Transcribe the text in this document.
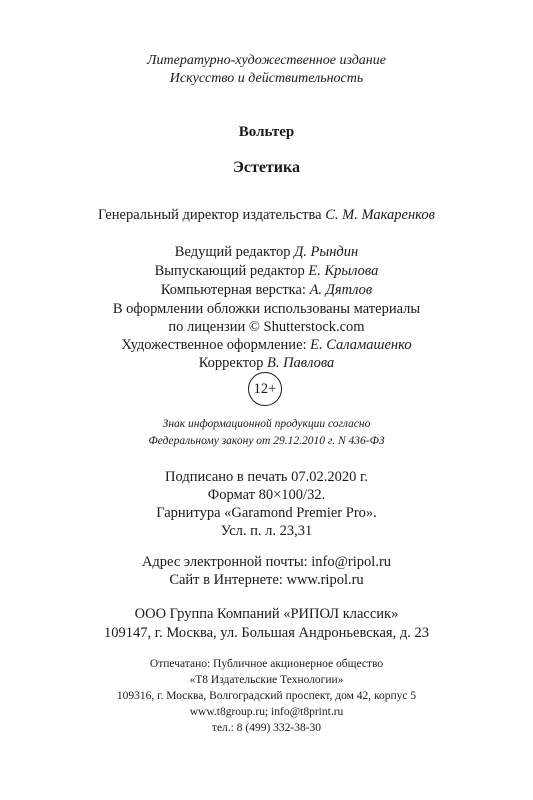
Литературно-художественное издание
Искусство и действительность
Вольтер
Эстетика
Генеральный директор издательства С. М. Макаренков
Ведущий редактор Д. Рындин
Выпускающий редактор Е. Крылова
Компьютерная верстка: А. Дятлов
В оформлении обложки использованы материалы
по лицензии © Shutterstock.com
Художественное оформление: Е. Саламашенко
Корректор В. Павлова
12+
Знак информационной продукции согласно
Федеральному закону от 29.12.2010 г. N 436-ФЗ
Подписано в печать 07.02.2020 г.
Формат 80×100/32.
Гарнитура «Garamond Premier Pro».
Усл. п. л. 23,31
Адрес электронной почты: info@ripol.ru
Сайт в Интернете: www.ripol.ru
ООО Группа Компаний «РИПОЛ классик»
109147, г. Москва, ул. Большая Андроньевская, д. 23
Отпечатано: Публичное акционерное общество
«Т8 Издательские Технологии»
109316, г. Москва, Волгоградский проспект, дом 42, корпус 5
www.t8group.ru; info@t8print.ru
тел.: 8 (499) 332-38-30
